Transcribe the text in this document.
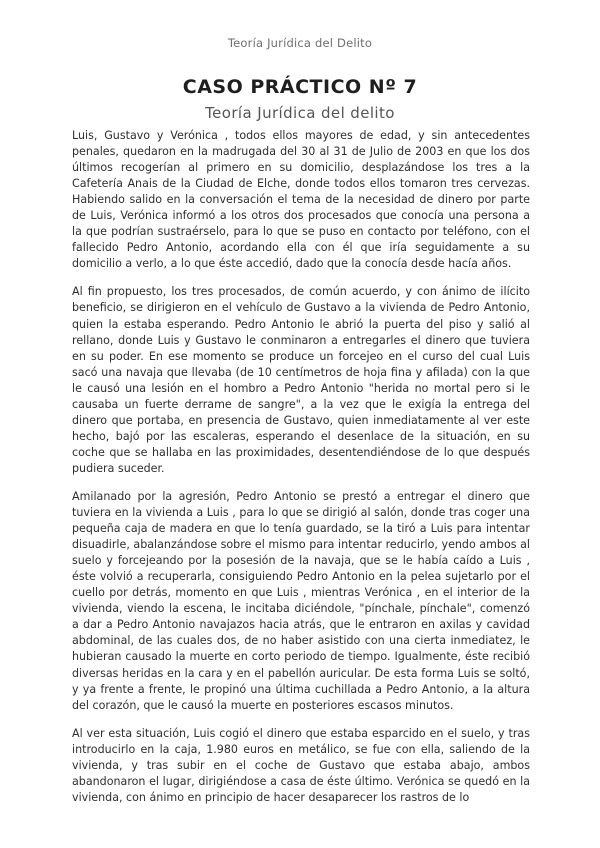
Teoría Jurídica del Delito
CASO PRÁCTICO Nº 7
Teoría Jurídica del delito

Luis, Gustavo y Verónica , todos ellos mayores de edad, y sin antecedentes penales, quedaron en la madrugada del 30 al 31 de Julio de 2003 en que los dos últimos recogerían al primero en su domicilio, desplazándose los tres a la Cafetería Anais de la Ciudad de Elche, donde todos ellos tomaron tres cervezas. Habiendo salido en la conversación el tema de la necesidad de dinero por parte de Luis, Verónica informó a los otros dos procesados que conocía una persona a la que podrían sustraérselo, para lo que se puso en contacto por teléfono, con el fallecido Pedro Antonio, acordando ella con él que iría seguidamente a su domicilio a verlo, a lo que éste accedió, dado que la conocía desde hacía años.

Al fin propuesto, los tres procesados, de común acuerdo, y con ánimo de ilícito beneficio, se dirigieron en el vehículo de Gustavo a la vivienda de Pedro Antonio, quien la estaba esperando. Pedro Antonio le abrió la puerta del piso y salió al rellano, donde Luis y Gustavo le conminaron a entregarles el dinero que tuviera en su poder. En ese momento se produce un forcejeo en el curso del cual Luis sacó una navaja que llevaba (de 10 centímetros de hoja fina y afilada) con la que le causó una lesión en el hombro a Pedro Antonio "herida no mortal pero si le causaba un fuerte derrame de sangre", a la vez que le exigía la entrega del dinero que portaba, en presencia de Gustavo, quien inmediatamente al ver este hecho, bajó por las escaleras, esperando el desenlace de la situación, en su coche que se hallaba en las proximidades, desentendiéndose de lo que después pudiera suceder.

Amilanado por la agresión, Pedro Antonio se prestó a entregar el dinero que tuviera en la vivienda a Luis , para lo que se dirigió al salón, donde tras coger una pequeña caja de madera en que lo tenía guardado, se la tiró a Luis para intentar disuadirle, abalanzándose sobre el mismo para intentar reducirlo, yendo ambos al suelo y forcejeando por la posesión de la navaja, que se le había caído a Luis , éste volvió a recuperarla, consiguiendo Pedro Antonio en la pelea sujetarlo por el cuello por detrás, momento en que Luis , mientras Verónica , en el interior de la vivienda, viendo la escena, le incitaba diciéndole, "pínchale, pínchale", comenzó a dar a Pedro Antonio navajazos hacia atrás, que le entraron en axilas y cavidad abdominal, de las cuales dos, de no haber asistido con una cierta inmediatez, le hubieran causado la muerte en corto periodo de tiempo. Igualmente, éste recibió diversas heridas en la cara y en el pabellón auricular. De esta forma Luis se soltó, y ya frente a frente, le propinó una última cuchillada a Pedro Antonio, a la altura del corazón, que le causó la muerte en posteriores escasos minutos.

Al ver esta situación, Luis cogió el dinero que estaba esparcido en el suelo, y tras introducirlo en la caja, 1.980 euros en metálico, se fue con ella, saliendo de la vivienda, y tras subir en el coche de Gustavo que estaba abajo, ambos abandonaron el lugar, dirigiéndose a casa de éste último. Verónica se quedó en la vivienda, con ánimo en principio de hacer desaparecer los rastros de lo
